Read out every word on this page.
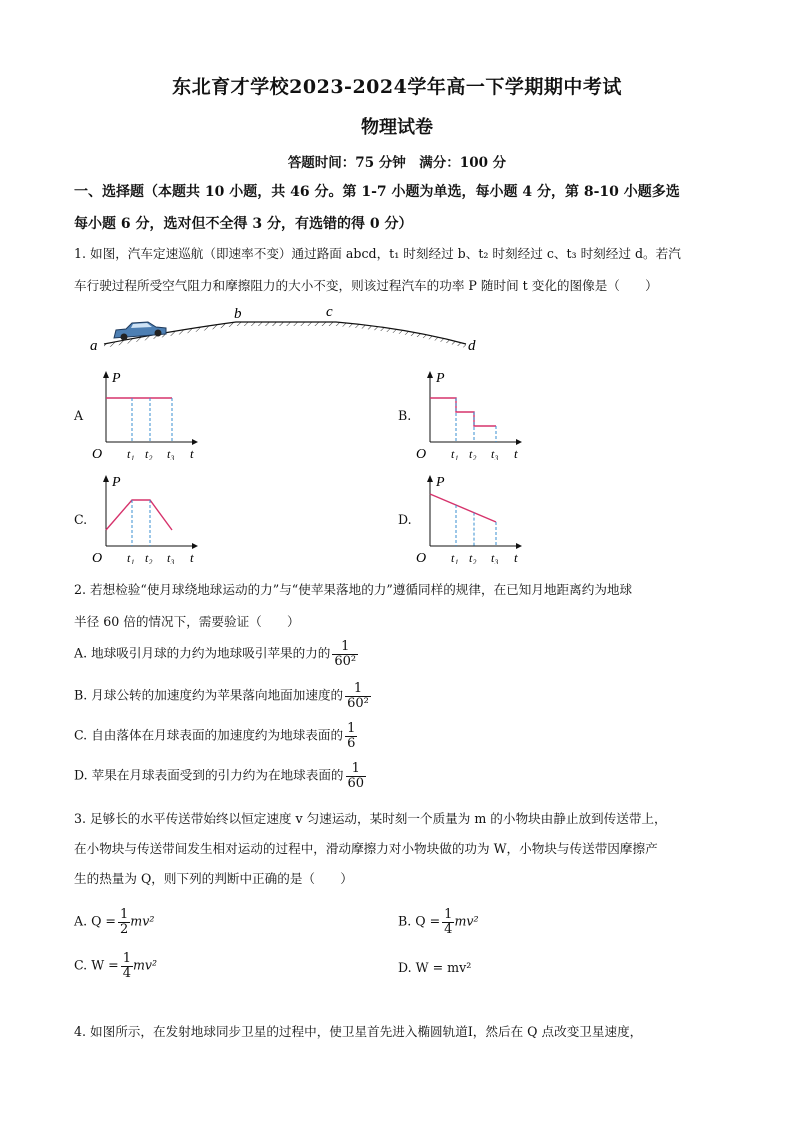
东北育才学校2023-2024学年高一下学期期中考试
物理试卷
答题时间：75 分钟　满分：100 分
一、选择题（本题共 10 小题，共 46 分。第 1-7 小题为单选，每小题 4 分，第 8-10 小题多选
每小题 6 分，选对但不全得 3 分，有选错的得 0 分）
1. 如图，汽车定速巡航（即速率不变）通过路面 abcd，t₁ 时刻经过 b、t₂ 时刻经过 c、t₃ 时刻经过 d。若汽
车行驶过程所受空气阻力和摩擦阻力的大小不变，则该过程汽车的功率 P 随时间 t 变化的图像是（　　）
a
b	c
d
A	B.
C.	D.
P
t
O t₁ t₂ t₃
P
t
O t₁ t₂ t₃
P
t
O t₁ t₂ t₃
P
t
O t₁ t₂ t₃
2. 若想检验“使月球绕地球运动的力”与“使苹果落地的力”遵循同样的规律，在已知月地距离约为地球
半径 60 倍的情况下，需要验证（　　）
A. 地球吸引月球的力约为地球吸引苹果的力的 $\frac{1}{\text{60²}}$
B. 月球公转的加速度约为苹果落向地面加速度的 $\frac{1}{\text{60²}}$
C. 自由落体在月球表面的加速度约为地球表面的 $\frac{1}{6}$
D. 苹果在月球表面受到的引力约为在地球表面的 $\frac{1}{60}$
3. 足够长的水平传送带始终以恒定速度 v 匀速运动，某时刻一个质量为 m 的小物块由静止放到传送带上，
在小物块与传送带间发生相对运动的过程中，滑动摩擦力对小物块做的功为 W，小物块与传送带因摩擦产
生的热量为 Q，则下列的判断中正确的是（　　）
A. $Q = \frac{1}{2} mv^2$	B. $Q = \frac{1}{4} mv^2$
C. $W = \frac{1}{4} mv^2$	D. W = mv²
4. 如图所示，在发射地球同步卫星的过程中，使卫星首先进入椭圆轨道Ⅰ，然后在 Q 点改变卫星速度，
